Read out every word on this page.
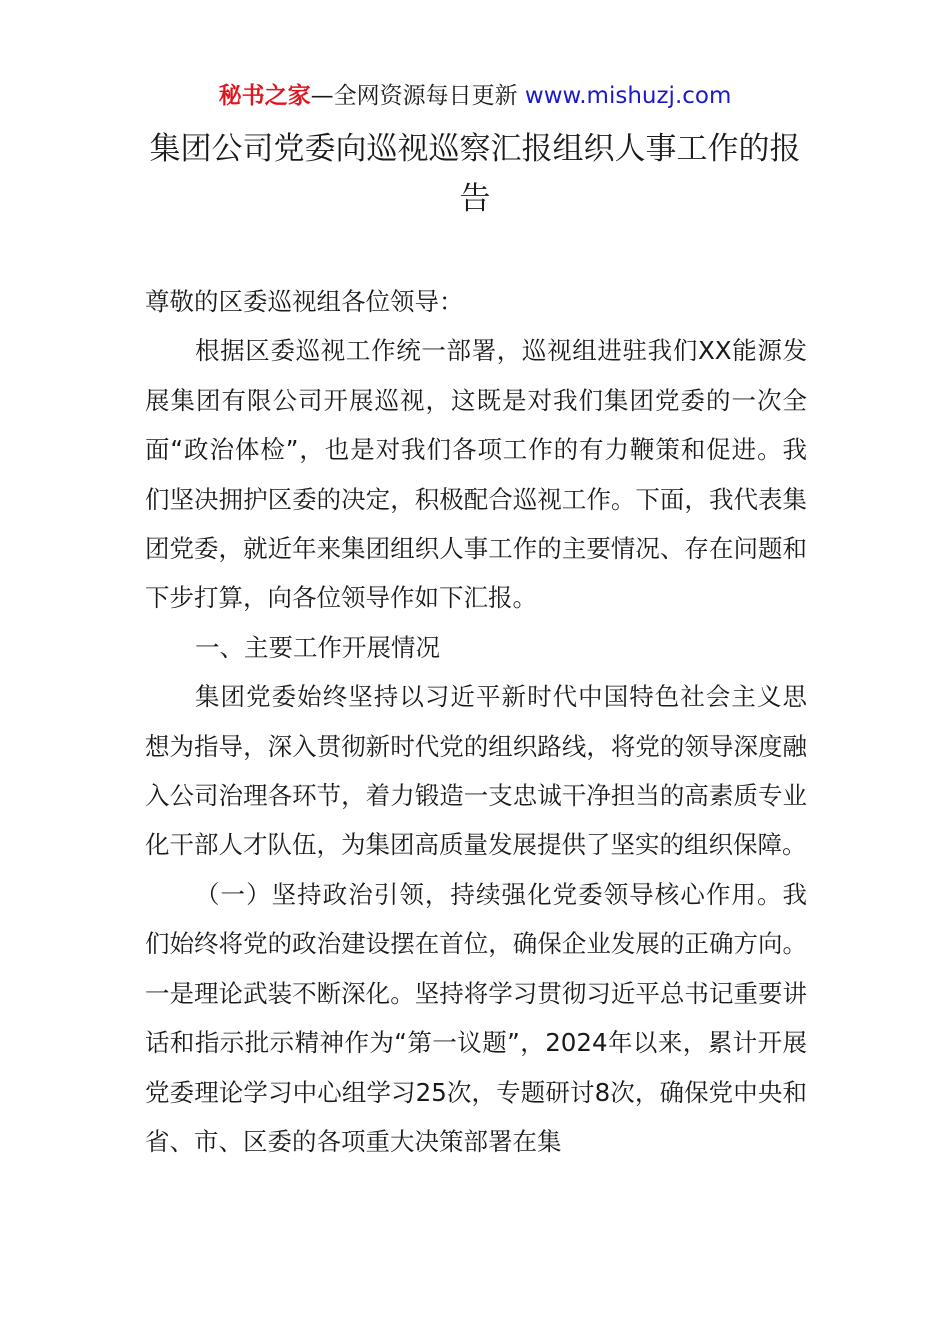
秘书之家—全网资源每日更新 www.mishuzj.com
集团公司党委向巡视巡察汇报组织人事工作的报告

尊敬的区委巡视组各位领导：

根据区委巡视工作统一部署，巡视组进驻我们XX能源发展集团有限公司开展巡视，这既是对我们集团党委的一次全面“政治体检”，也是对我们各项工作的有力鞭策和促进。我们坚决拥护区委的决定，积极配合巡视工作。下面，我代表集团党委，就近年来集团组织人事工作的主要情况、存在问题和下步打算，向各位领导作如下汇报。

一、主要工作开展情况

集团党委始终坚持以习近平新时代中国特色社会主义思想为指导，深入贯彻新时代党的组织路线，将党的领导深度融入公司治理各环节，着力锻造一支忠诚干净担当的高素质专业化干部人才队伍，为集团高质量发展提供了坚实的组织保障。

（一）坚持政治引领，持续强化党委领导核心作用。我们始终将党的政治建设摆在首位，确保企业发展的正确方向。一是理论武装不断深化。坚持将学习贯彻习近平总书记重要讲话和指示批示精神作为“第一议题”，2024年以来，累计开展党委理论学习中心组学习25次，专题研讨8次，确保党中央和省、市、区委的各项重大决策部署在集
